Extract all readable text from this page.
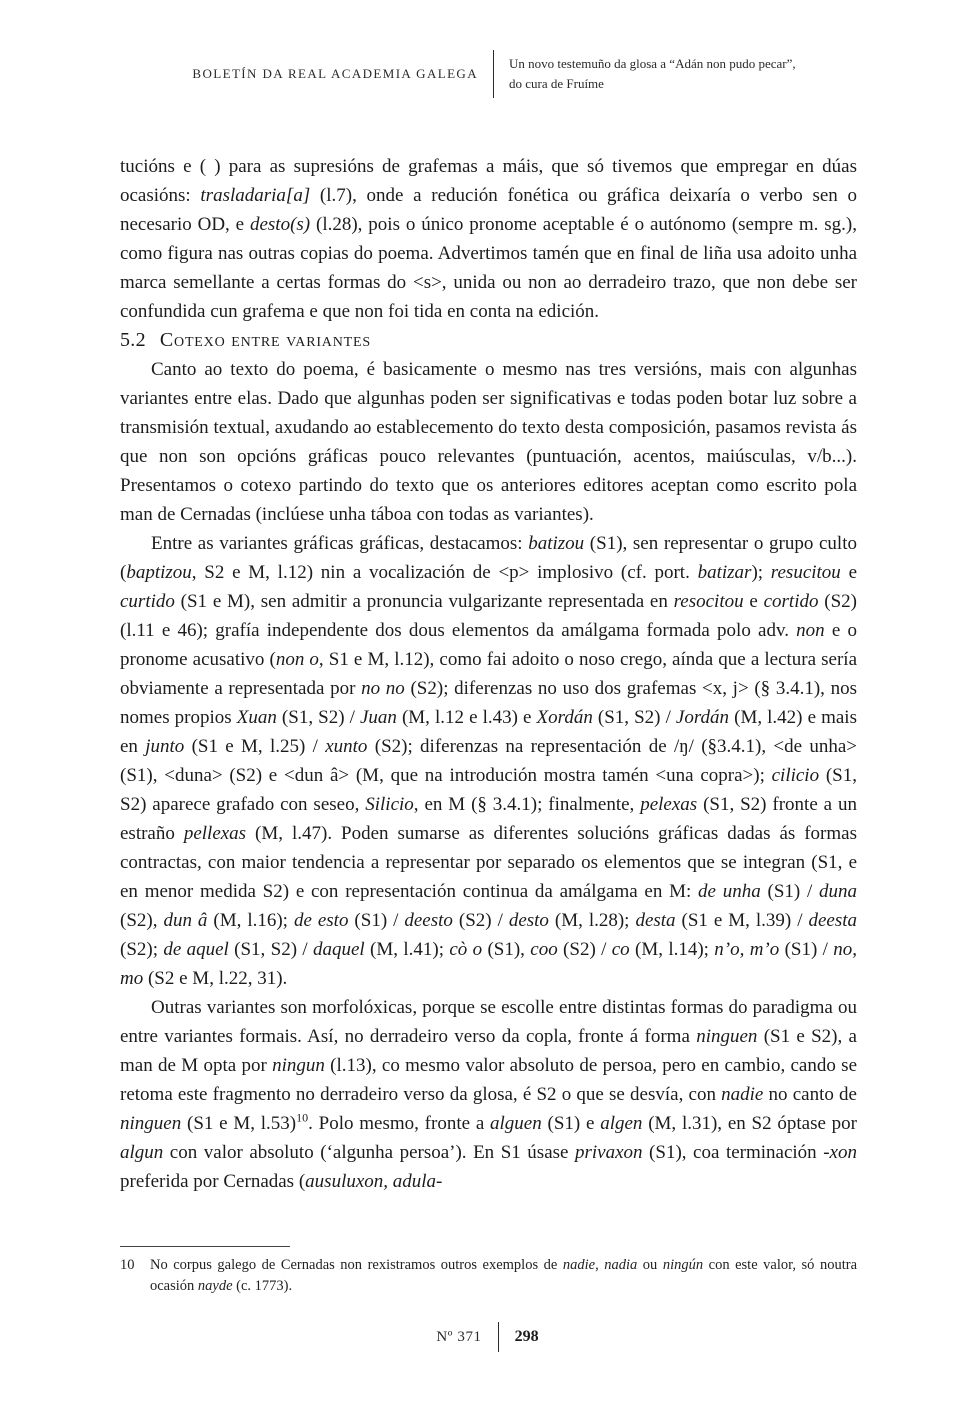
BOLETÍN DA REAL ACADEMIA GALEGA
Un novo testemuño da glosa a “Adán non pudo pecar”,
do cura de Fruíme

tucións e ( ) para as supresións de grafemas a máis, que só tivemos que empregar en dúas ocasións: trasladaria[a] (l.7), onde a redución fonética ou gráfica deixaría o verbo sen o necesario OD, e desto(s) (l.28), pois o único pronome aceptable é o autónomo (sempre m. sg.), como figura nas outras copias do poema. Advertimos tamén que en final de liña usa adoito unha marca semellante a certas formas do <s>, unida ou non ao derradeiro trazo, que non debe ser confundida cun grafema e que non foi tida en conta na edición.

5.2 Cotexo entre variantes

Canto ao texto do poema, é basicamente o mesmo nas tres versións, mais con algunhas variantes entre elas. Dado que algunhas poden ser significativas e todas poden botar luz sobre a transmisión textual, axudando ao establecemento do texto desta composición, pasamos revista ás que non son opcións gráficas pouco relevantes (puntuación, acentos, maiúsculas, v/b...). Presentamos o cotexo partindo do texto que os anteriores editores aceptan como escrito pola man de Cernadas (inclúese unha táboa con todas as variantes).

Entre as variantes gráficas gráficas, destacamos: batizou (S1), sen representar o grupo culto (baptizou, S2 e M, l.12) nin a vocalización de <p> implosivo (cf. port. batizar); resucitou e curtido (S1 e M), sen admitir a pronuncia vulgarizante representada en resocitou e cortido (S2) (l.11 e 46); grafía independente dos dous elementos da amálgama formada polo adv. non e o pronome acusativo (non o, S1 e M, l.12), como fai adoito o noso crego, aínda que a lectura sería obviamente a representada por no no (S2); diferenzas no uso dos grafemas <x, j> (§ 3.4.1), nos nomes propios Xuan (S1, S2) / Juan (M, l.12 e l.43) e Xordán (S1, S2) / Jordán (M, l.42) e mais en junto (S1 e M, l.25) / xunto (S2); diferenzas na representación de /ŋ/ (§3.4.1), <de unha> (S1), <duna> (S2) e <dun â> (M, que na introdución mostra tamén <una copra>); cilicio (S1, S2) aparece grafado con seseo, Silicio, en M (§ 3.4.1); finalmente, pelexas (S1, S2) fronte a un estraño pellexas (M, l.47). Poden sumarse as diferentes solucións gráficas dadas ás formas contractas, con maior tendencia a representar por separado os elementos que se integran (S1, e en menor medida S2) e con representación continua da amálgama en M: de unha (S1) / duna (S2), dun â (M, l.16); de esto (S1) / deesto (S2) / desto (M, l.28); desta (S1 e M, l.39) / deesta (S2); de aquel (S1, S2) / daquel (M, l.41); cò o (S1), coo (S2) / co (M, l.14); n’o, m’o (S1) / no, mo (S2 e M, l.22, 31).

Outras variantes son morfolóxicas, porque se escolle entre distintas formas do paradigma ou entre variantes formais. Así, no derradeiro verso da copla, fronte á forma ninguen (S1 e S2), a man de M opta por ningun (l.13), co mesmo valor absoluto de persoa, pero en cambio, cando se retoma este fragmento no derradeiro verso da glosa, é S2 o que se desvía, con nadie no canto de ninguen (S1 e M, l.53)$^{10}$. Polo mesmo, fronte a alguen (S1) e algen (M, l.31), en S2 óptase por algun con valor absoluto (‘algunha persoa’). En S1 úsase privaxon (S1), coa terminación -xon preferida por Cernadas (ausuluxon, adula-

10 No corpus galego de Cernadas non rexistramos outros exemplos de nadie, nadia ou ningún con este valor, só noutra ocasión nayde (c. 1773).
Nº 371 298
